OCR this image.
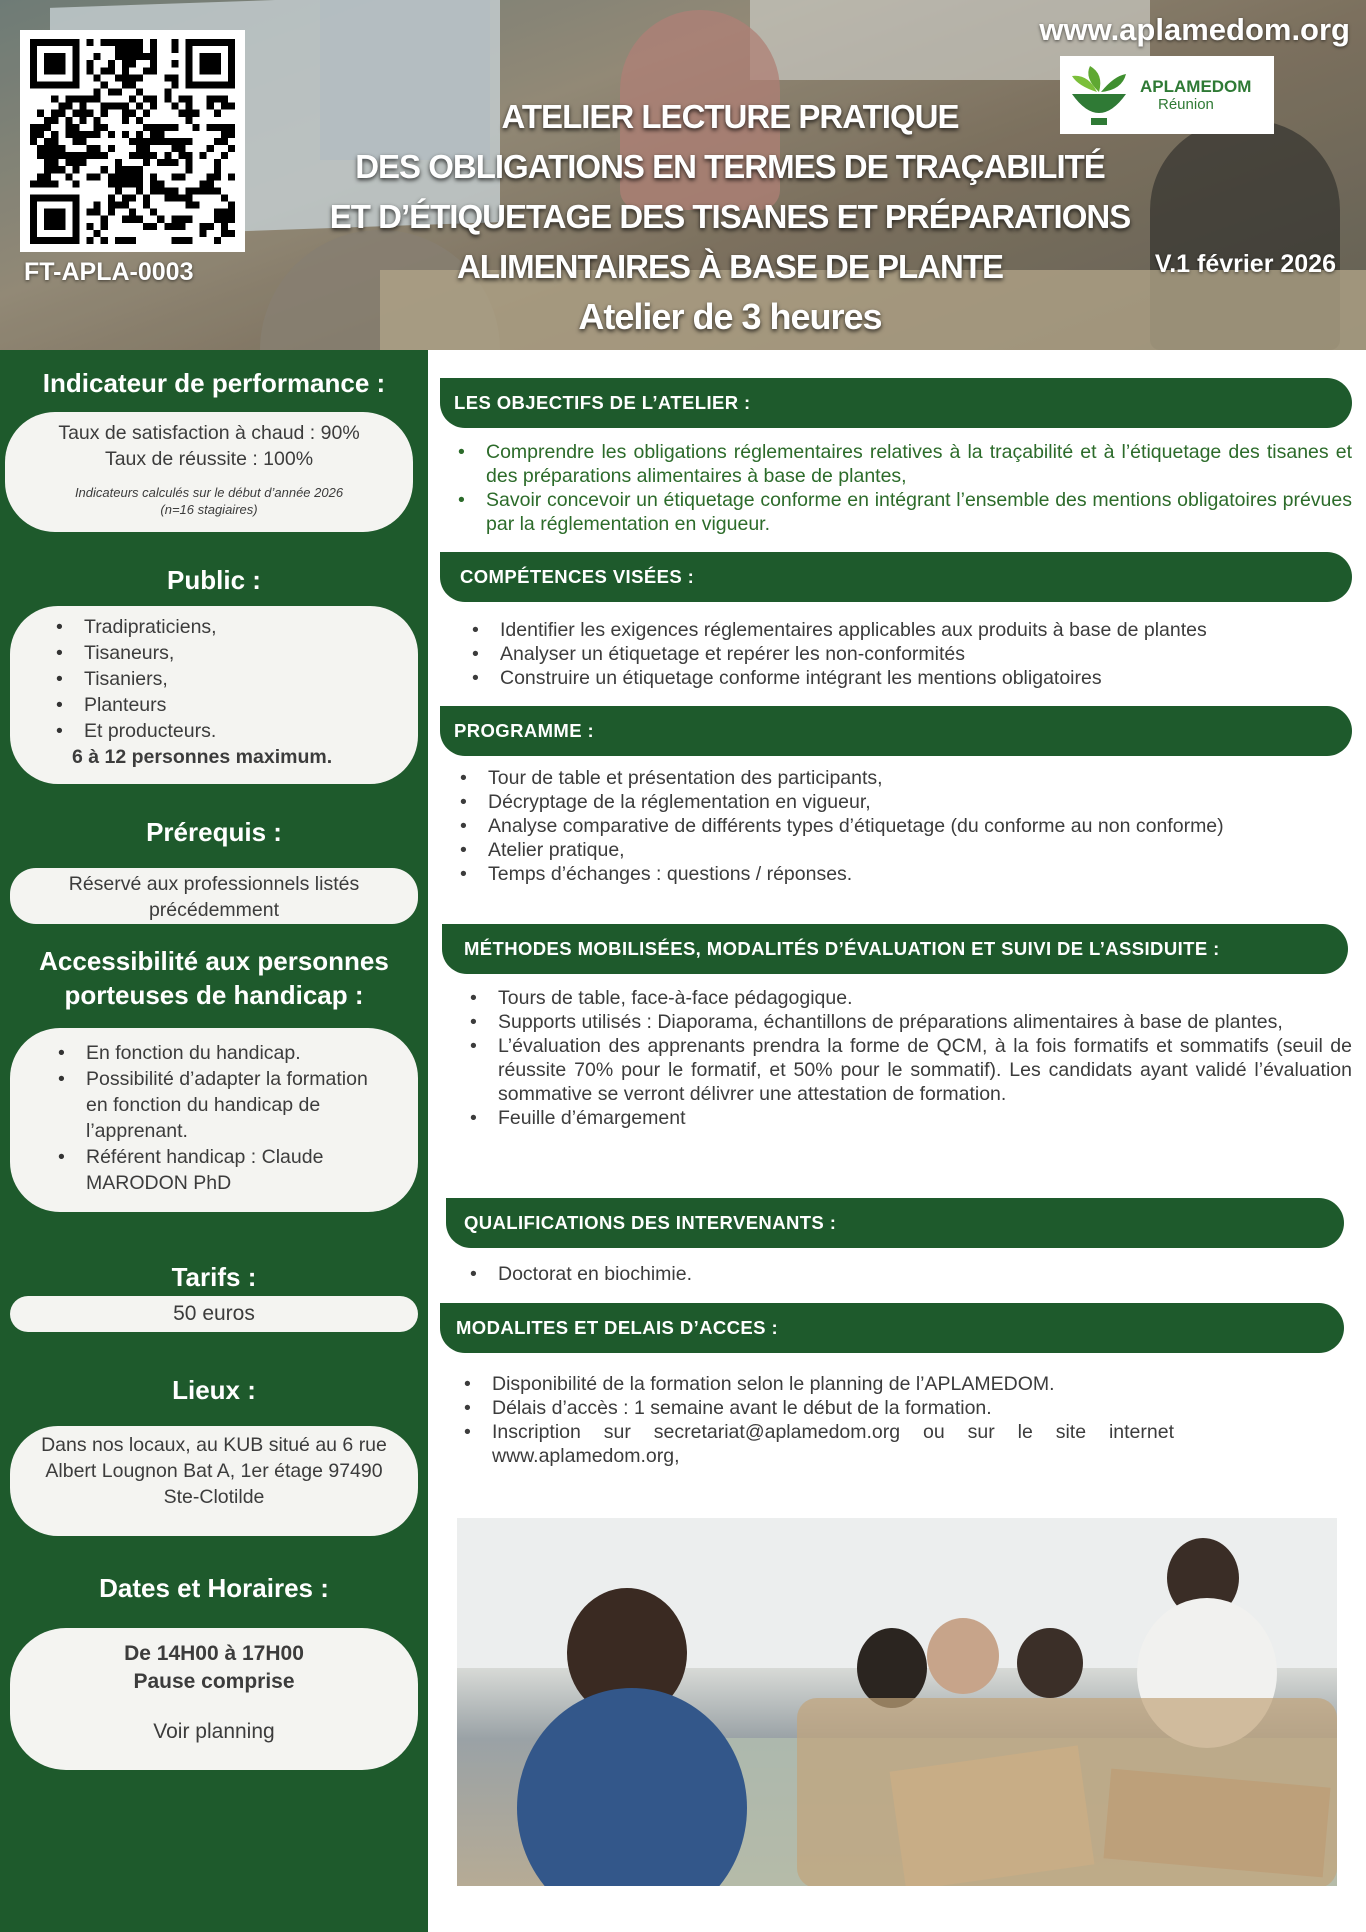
FT-APLA-0003
www.aplamedom.org
APLAMEDOM
Réunion
ATELIER LECTURE PRATIQUE
DES OBLIGATIONS EN TERMES DE TRAÇABILITÉ
ET D’ÉTIQUETAGE DES TISANES ET PRÉPARATIONS
ALIMENTAIRES À BASE DE PLANTE
Atelier de 3 heures
V.1 février 2026
Indicateur de performance :
Taux de satisfaction à chaud : 90%
Taux de réussite : 100%
Indicateurs calculés sur le début d’année 2026
(n=16 stagiaires)
Public :
• Tradipraticiens,
• Tisaneurs,
• Tisaniers,
• Planteurs
• Et producteurs.
6 à 12 personnes maximum.
Prérequis :
Réservé aux professionnels listés précédemment
Accessibilité aux personnes
porteuses de handicap :
• En fonction du handicap.
• Possibilité d’adapter la formation en fonction du handicap de l’apprenant.
• Référent handicap : Claude MARODON PhD
Tarifs :
50 euros
Lieux :
Dans nos locaux, au KUB situé au 6 rue Albert Lougnon Bat A, 1er étage 97490 Ste-Clotilde
Dates et Horaires :
De 14H00 à 17H00
Pause comprise
Voir planning
LES OBJECTIFS DE L’ATELIER :
• Comprendre les obligations réglementaires relatives à la traçabilité et à l’étiquetage des tisanes et des préparations alimentaires à base de plantes,
• Savoir concevoir un étiquetage conforme en intégrant l’ensemble des mentions obligatoires prévues par la réglementation en vigueur.
COMPÉTENCES VISÉES :
• Identifier les exigences réglementaires applicables aux produits à base de plantes
• Analyser un étiquetage et repérer les non-conformités
• Construire un étiquetage conforme intégrant les mentions obligatoires
PROGRAMME :
• Tour de table et présentation des participants,
• Décryptage de la réglementation en vigueur,
• Analyse comparative de différents types d’étiquetage (du conforme au non conforme)
• Atelier pratique,
• Temps d’échanges : questions / réponses.
MÉTHODES MOBILISÉES, MODALITÉS D’ÉVALUATION ET SUIVI DE L’ASSIDUITE :
• Tours de table, face-à-face pédagogique.
• Supports utilisés : Diaporama, échantillons de préparations alimentaires à base de plantes,
• L’évaluation des apprenants prendra la forme de QCM, à la fois formatifs et sommatifs (seuil de réussite 70% pour le formatif, et 50% pour le sommatif). Les candidats ayant validé l’évaluation sommative se verront délivrer une attestation de formation.
• Feuille d’émargement
QUALIFICATIONS DES INTERVENANTS :
• Doctorat en biochimie.
MODALITES ET DELAIS D’ACCES :
• Disponibilité de la formation selon le planning de l’APLAMEDOM.
• Délais d’accès : 1 semaine avant le début de la formation.
• Inscription sur secretariat@aplamedom.org ou sur le site internet www.aplamedom.org,
